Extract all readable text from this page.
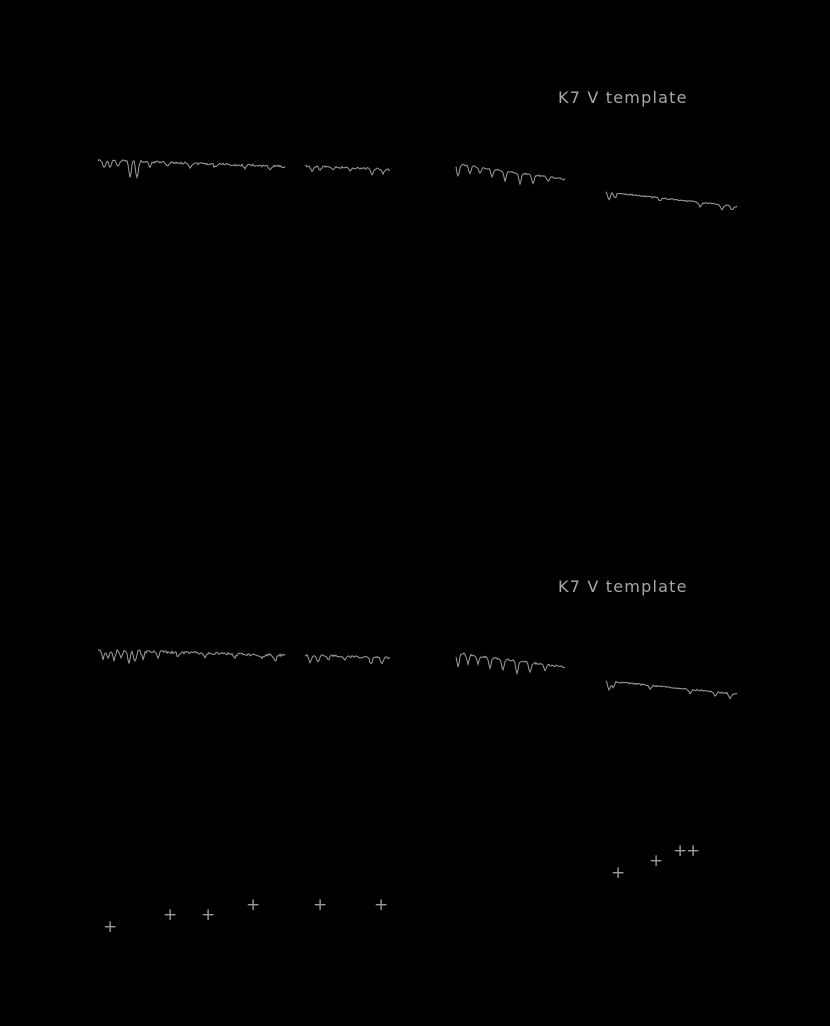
K7 V template
K7 V template
+
+ + +	+	+
+
+ +
+
